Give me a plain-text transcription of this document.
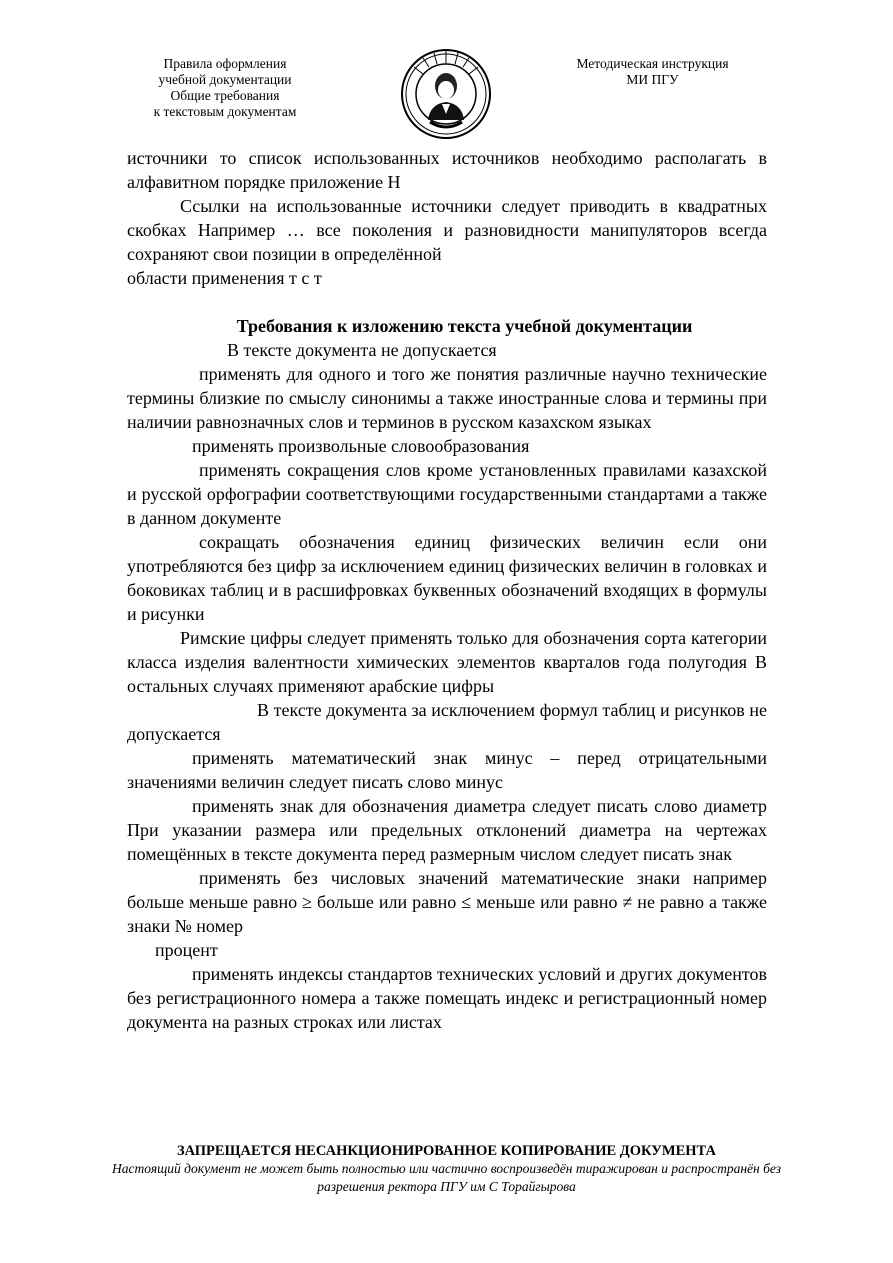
Правила оформления
учебной документации
Общие требования
к текстовым документам
Методическая инструкция
МИ ПГУ

источники то список использованных источников необходимо располагать в алфавитном порядке приложение Н

Ссылки на использованные источники следует приводить в квадратных скобках Например … все поколения и разновидности манипуляторов всегда сохраняют свои позиции в определённой

области применения т с т

Требования к изложению текста учебной документации

В тексте документа не допускается

применять для одного и того же понятия различные научно технические термины близкие по смыслу синонимы а также иностранные слова и термины при наличии равнозначных слов и терминов в русском казахском языках

применять произвольные словообразования

применять сокращения слов кроме установленных правилами казахской и русской орфографии соответствующими государственными стандартами а также в данном документе

сокращать обозначения единиц физических величин если они употребляются без цифр за исключением единиц физических величин в головках и боковиках таблиц и в расшифровках буквенных обозначений входящих в формулы и рисунки

Римские цифры следует применять только для обозначения сорта категории класса изделия валентности химических элементов кварталов года полугодия В остальных случаях применяют арабские цифры

В тексте документа за исключением формул таблиц и рисунков не допускается

применять математический знак минус – перед отрицательными значениями величин следует писать слово минус

применять знак для обозначения диаметра следует писать слово диаметр При указании размера или предельных отклонений диаметра на чертежах помещённых в тексте документа перед размерным числом следует писать знак

применять без числовых значений математические знаки например больше меньше равно ≥ больше или равно ≤ меньше или равно ≠ не равно а также знаки № номер

процент

применять индексы стандартов технических условий и других документов без регистрационного номера а также помещать индекс и регистрационный номер документа на разных строках или листах

ЗАПРЕЩАЕТСЯ НЕСАНКЦИОНИРОВАННОЕ КОПИРОВАНИЕ ДОКУМЕНТА
Настоящий документ не может быть полностью или частично воспроизведён тиражирован и распространён без разрешения ректора ПГУ им С Торайгырова
